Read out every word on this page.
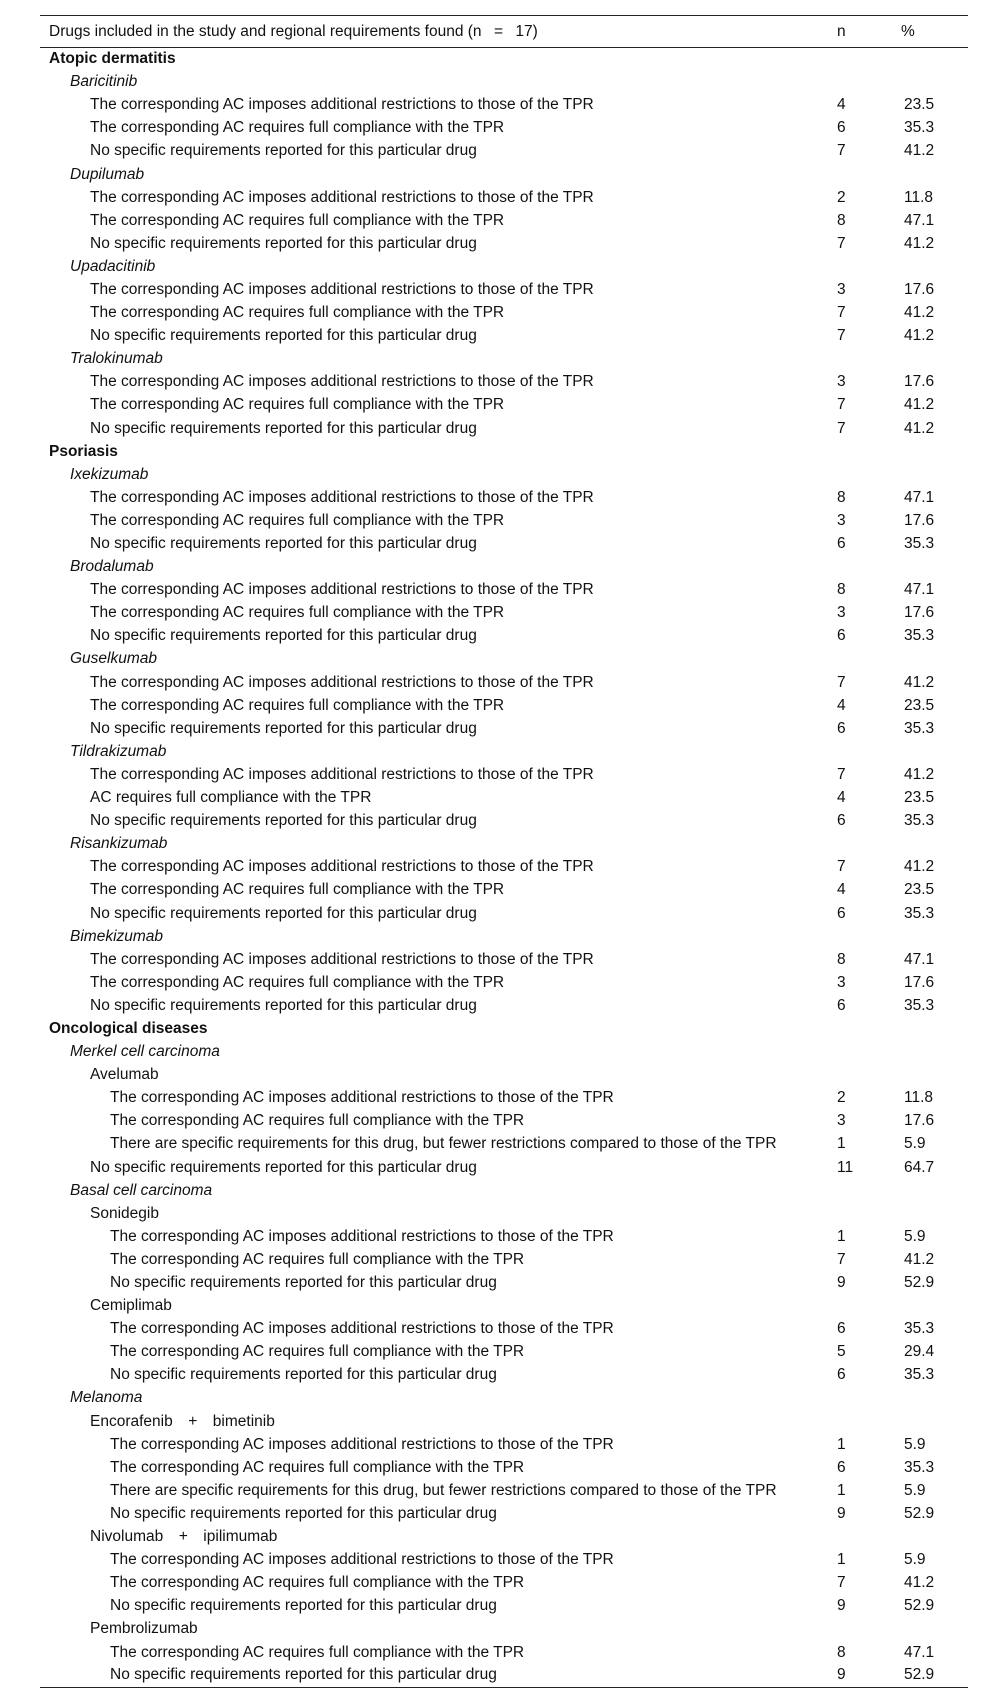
Drugs included in the study and regional requirements found (n    =    17)	n	%
Atopic dermatitis		
Baricitinib		
The corresponding AC imposes additional restrictions to those of the TPR	4	23.5
The corresponding AC requires full compliance with the TPR	6	35.3
No specific requirements reported for this particular drug	7	41.2
Dupilumab		
The corresponding AC imposes additional restrictions to those of the TPR	2	11.8
The corresponding AC requires full compliance with the TPR	8	47.1
No specific requirements reported for this particular drug	7	41.2
Upadacitinib		
The corresponding AC imposes additional restrictions to those of the TPR	3	17.6
The corresponding AC requires full compliance with the TPR	7	41.2
No specific requirements reported for this particular drug	7	41.2
Tralokinumab		
The corresponding AC imposes additional restrictions to those of the TPR	3	17.6
The corresponding AC requires full compliance with the TPR	7	41.2
No specific requirements reported for this particular drug	7	41.2
Psoriasis		
Ixekizumab		
The corresponding AC imposes additional restrictions to those of the TPR	8	47.1
The corresponding AC requires full compliance with the TPR	3	17.6
No specific requirements reported for this particular drug	6	35.3
Brodalumab		
The corresponding AC imposes additional restrictions to those of the TPR	8	47.1
The corresponding AC requires full compliance with the TPR	3	17.6
No specific requirements reported for this particular drug	6	35.3
Guselkumab		
The corresponding AC imposes additional restrictions to those of the TPR	7	41.2
The corresponding AC requires full compliance with the TPR	4	23.5
No specific requirements reported for this particular drug	6	35.3
Tildrakizumab		
The corresponding AC imposes additional restrictions to those of the TPR	7	41.2
AC requires full compliance with the TPR	4	23.5
No specific requirements reported for this particular drug	6	35.3
Risankizumab		
The corresponding AC imposes additional restrictions to those of the TPR	7	41.2
The corresponding AC requires full compliance with the TPR	4	23.5
No specific requirements reported for this particular drug	6	35.3
Bimekizumab		
The corresponding AC imposes additional restrictions to those of the TPR	8	47.1
The corresponding AC requires full compliance with the TPR	3	17.6
No specific requirements reported for this particular drug	6	35.3
Oncological diseases		
Merkel cell carcinoma		
Avelumab		
The corresponding AC imposes additional restrictions to those of the TPR	2	11.8
The corresponding AC requires full compliance with the TPR	3	17.6
There are specific requirements for this drug, but fewer restrictions compared to those of the TPR	1	5.9
No specific requirements reported for this particular drug	11	64.7
Basal cell carcinoma		
Sonidegib		
The corresponding AC imposes additional restrictions to those of the TPR	1	5.9
The corresponding AC requires full compliance with the TPR	7	41.2
No specific requirements reported for this particular drug	9	52.9
Cemiplimab		
The corresponding AC imposes additional restrictions to those of the TPR	6	35.3
The corresponding AC requires full compliance with the TPR	5	29.4
No specific requirements reported for this particular drug	6	35.3
Melanoma		
Encorafenib     +     bimetinib		
The corresponding AC imposes additional restrictions to those of the TPR	1	5.9
The corresponding AC requires full compliance with the TPR	6	35.3
There are specific requirements for this drug, but fewer restrictions compared to those of the TPR	1	5.9
No specific requirements reported for this particular drug	9	52.9
Nivolumab     +     ipilimumab		
The corresponding AC imposes additional restrictions to those of the TPR	1	5.9
The corresponding AC requires full compliance with the TPR	7	41.2
No specific requirements reported for this particular drug	9	52.9
Pembrolizumab		
The corresponding AC requires full compliance with the TPR	8	47.1
No specific requirements reported for this particular drug	9	52.9
